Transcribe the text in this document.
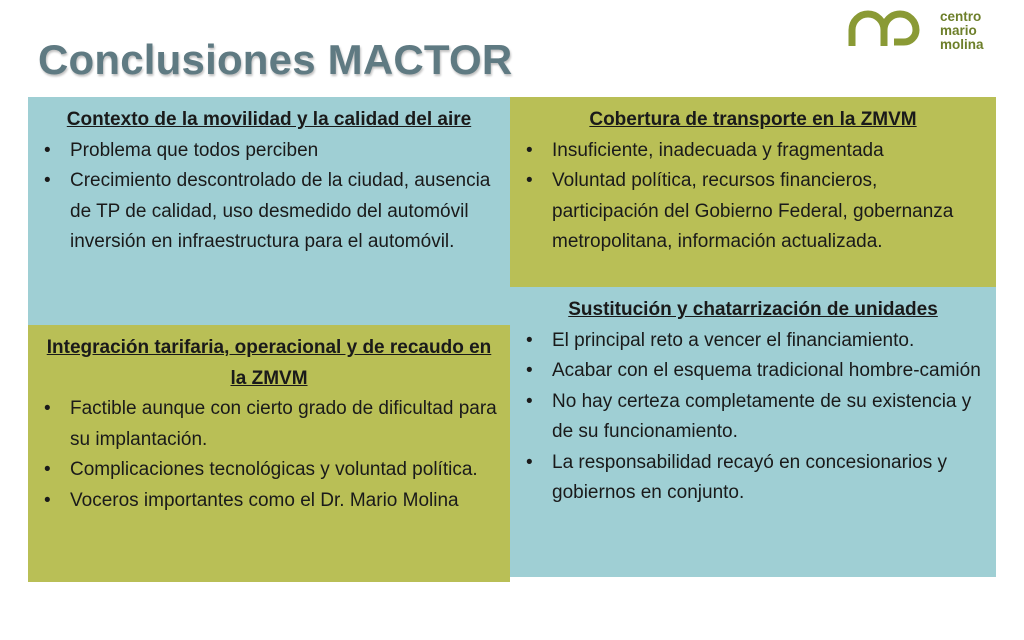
Conclusiones MACTOR
centro
mario
molina
Contexto de la movilidad y la calidad del aire
• Problema que todos perciben
• Crecimiento descontrolado de la ciudad, ausencia de TP de calidad, uso desmedido del automóvil inversión en infraestructura para el automóvil.
Cobertura de transporte en la ZMVM
• Insuficiente, inadecuada y fragmentada
• Voluntad política, recursos financieros, participación del Gobierno Federal, gobernanza metropolitana, información actualizada.
Integración tarifaria, operacional y de recaudo en la ZMVM
• Factible aunque con cierto grado de dificultad para su implantación.
• Complicaciones tecnológicas y voluntad política.
• Voceros importantes como el Dr. Mario Molina
Sustitución y chatarrización de unidades
• El principal reto a vencer el financiamiento.
• Acabar con el esquema tradicional hombre-camión
• No hay certeza completamente de su existencia y de su funcionamiento.
• La responsabilidad recayó en concesionarios y gobiernos en conjunto.
